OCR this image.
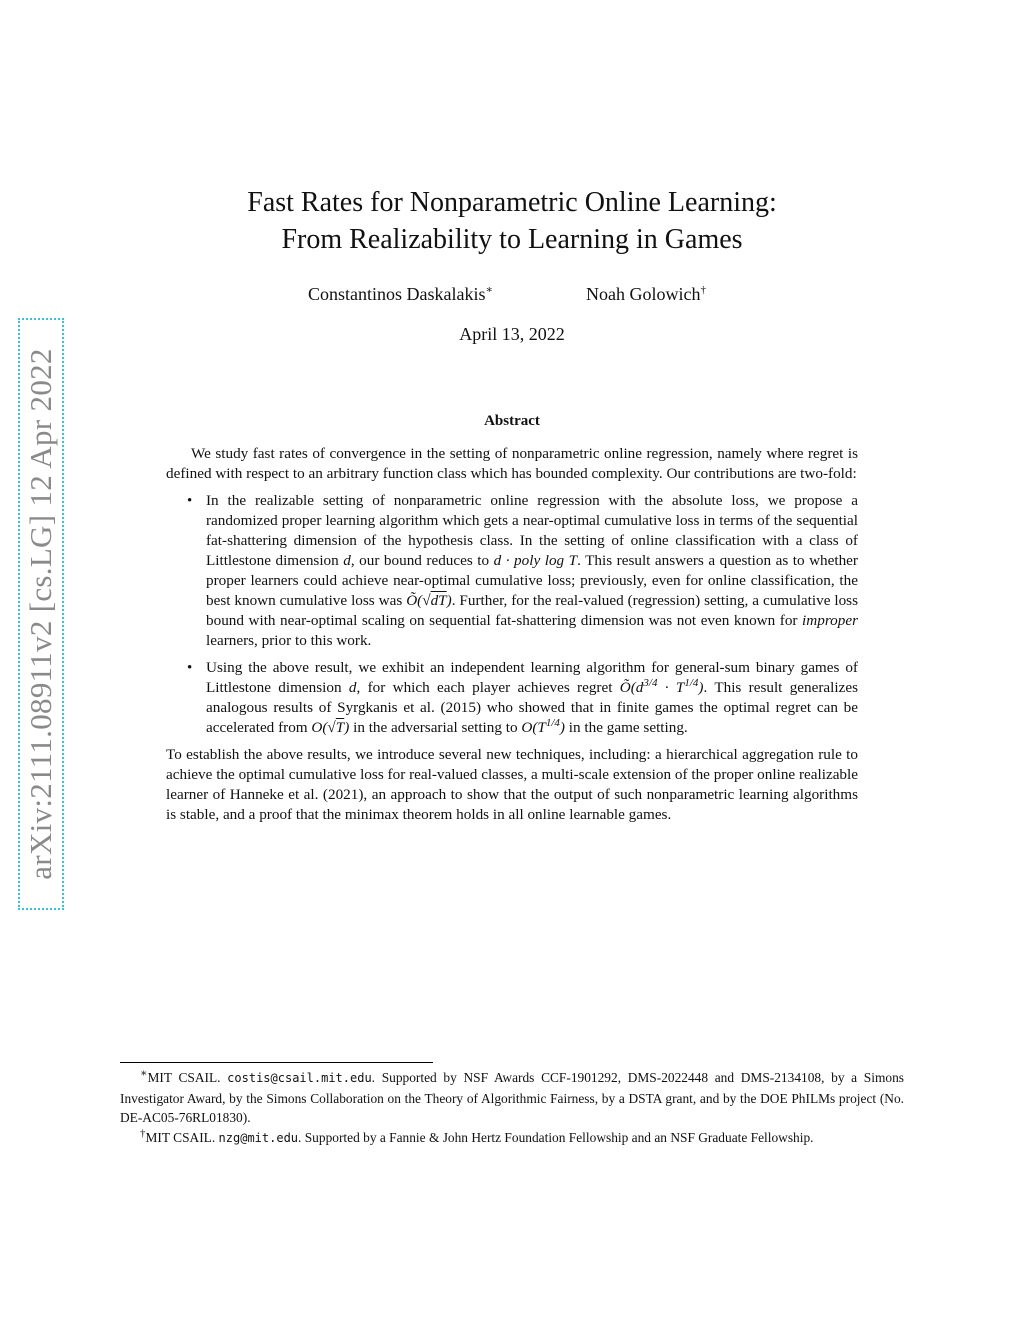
arXiv:2111.08911v2 [cs.LG] 12 Apr 2022
Fast Rates for Nonparametric Online Learning:
From Realizability to Learning in Games
Constantinos Daskalakis∗	Noah Golowich†
April 13, 2022
Abstract

We study fast rates of convergence in the setting of nonparametric online regression, namely where regret is defined with respect to an arbitrary function class which has bounded complexity. Our contributions are two-fold:

• In the realizable setting of nonparametric online regression with the absolute loss, we propose a randomized proper learning algorithm which gets a near-optimal cumulative loss in terms of the sequential fat-shattering dimension of the hypothesis class. In the setting of online classification with a class of Littlestone dimension d, our bound reduces to d · poly log T. This result answers a question as to whether proper learners could achieve near-optimal cumulative loss; previously, even for online classification, the best known cumulative loss was Õ(√dT). Further, for the real-valued (regression) setting, a cumulative loss bound with near-optimal scaling on sequential fat-shattering dimension was not even known for improper learners, prior to this work.
• Using the above result, we exhibit an independent learning algorithm for general-sum binary games of Littlestone dimension d, for which each player achieves regret $Õ(d^{3/4} \cdot T^{1/4})$. This result generalizes analogous results of Syrgkanis et al. (2015) who showed that in finite games the optimal regret can be accelerated from O(√T) in the adversarial setting to $O(T^{1/4})$ in the game setting.

To establish the above results, we introduce several new techniques, including: a hierarchical aggregation rule to achieve the optimal cumulative loss for real-valued classes, a multi-scale extension of the proper online realizable learner of Hanneke et al. (2021), an approach to show that the output of such nonparametric learning algorithms is stable, and a proof that the minimax theorem holds in all online learnable games.

∗MIT CSAIL. costis@csail.mit.edu. Supported by NSF Awards CCF-1901292, DMS-2022448 and DMS-2134108, by a Simons Investigator Award, by the Simons Collaboration on the Theory of Algorithmic Fairness, by a DSTA grant, and by the DOE PhILMs project (No. DE-AC05-76RL01830).

†MIT CSAIL. nzg@mit.edu. Supported by a Fannie & John Hertz Foundation Fellowship and an NSF Graduate Fellowship.
